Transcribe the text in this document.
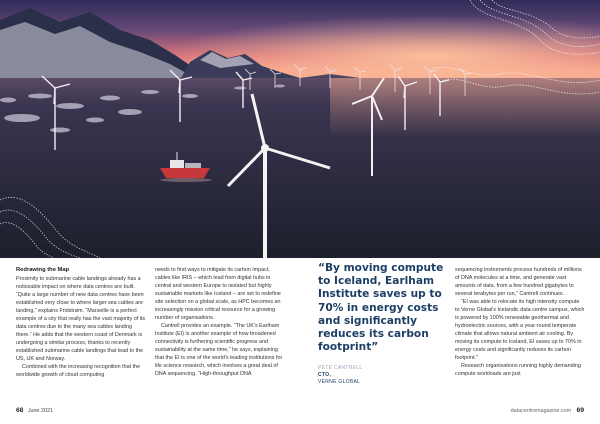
Redrawing the Map

Proximity to submarine cable landings already has a noticeable impact on where data centres are built. “Quite a large number of new data centres have been established very close to where larger sea cables are landing,” explains Fridstrøm. “Marseille is a perfect example of a city that really has the vast majority of its data centres due to the many sea cables landing there.” He adds that the western coast of Denmark is undergoing a similar process, thanks to recently established submarine cable landings that lead to the US, UK and Norway.

Combined with the increasing recognition that the worldwide growth of cloud computing

needs to find ways to mitigate its carbon impact, cables like IRIS – which lead from digital hubs in central and western Europe to isolated but highly sustainable markets like Iceland – are set to redefine site selection on a global scale, as HPC becomes an increasingly mission critical resource for a growing number of organisations.

Cantrell provides an example. “The UK’s Earlham Institute (EI) is another example of how broadened connectivity is furthering scientific progress and sustainability at the same time,” he says, explaining that the EI is one of the world’s leading institutions for life science research, which involves a great deal of DNA sequencing. “High-throughput DNA

“By moving compute to Iceland, Earlham Institute saves up to 70% in energy costs and significantly reduces its carbon footprint”

PETE CANTRELL
CTO,
VERNE GLOBAL

sequencing instruments process hundreds of millions of DNA molecules at a time, and generate vast amounts of data, from a few hundred gigabytes to several terabytes per run,” Cantrell continues.

“EI was able to relocate its high intensity compute to Verne Global’s Icelandic data centre campus, which is powered by 100% renewable geothermal and hydroelectric sources, with a year-round temperate climate that allows natural ambient air cooling. By moving its compute to Iceland, EI saves up to 70% in energy costs and significantly reduces its carbon footprint.”

Research organisations running highly demanding compute workloads are just

68 June 2021	datacentremagazine.com 69
